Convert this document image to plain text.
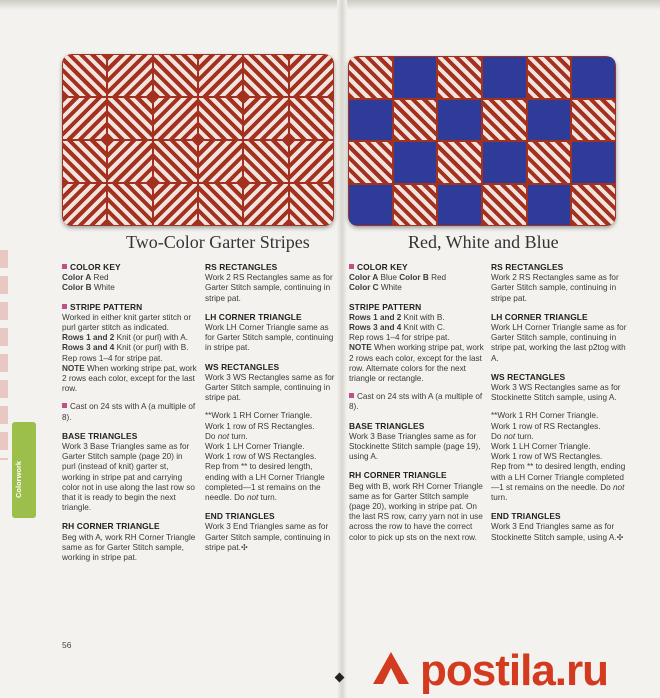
Two-Color Garter Stripes	Red, White and Blue

COLOR KEY
Color A Red
Color B White

STRIPE PATTERN
Worked in either knit garter stitch or purl garter stitch as indicated.
Rows 1 and 2 Knit (or purl) with A.
Rows 3 and 4 Knit (or purl) with B.
Rep rows 1–4 for stripe pat.
NOTE When working stripe pat, work 2 rows each color, except for the last row.

Cast on 24 sts with A (a multiple of 8).

BASE TRIANGLES
Work 3 Base Triangles same as for Garter Stitch sample (page 20) in purl (instead of knit) garter st, working in stripe pat and carrying color not in use along the last row so that it is ready to begin the next triangle.

RH CORNER TRIANGLE
Beg with A, work RH Corner Triangle same as for Garter Stitch sample, working in stripe pat.

RS RECTANGLES
Work 2 RS Rectangles same as for Garter Stitch sample, continuing in stripe pat.

LH CORNER TRIANGLE
Work LH Corner Triangle same as for Garter Stitch sample, continuing in stripe pat.

WS RECTANGLES
Work 3 WS Rectangles same as for Garter Stitch sample, continuing in stripe pat.

**Work 1 RH Corner Triangle.
Work 1 row of RS Rectangles.
Do not turn.
Work 1 LH Corner Triangle.
Work 1 row of WS Rectangles.
Rep from ** to desired length, ending with a LH Corner Triangle completed—1 st remains on the needle. Do not turn.

END TRIANGLES
Work 3 End Triangles same as for Garter Stitch sample, continuing in stripe pat.✣

COLOR KEY
Color A Blue Color B Red
Color C White

STRIPE PATTERN
Rows 1 and 2 Knit with B.
Rows 3 and 4 Knit with C.
Rep rows 1–4 for stripe pat.
NOTE When working stripe pat, work 2 rows each color, except for the last row. Alternate colors for the next triangle or rectangle.

Cast on 24 sts with A (a multiple of 8).

BASE TRIANGLES
Work 3 Base Triangles same as for Stockinette Stitch sample (page 19), using A.

RH CORNER TRIANGLE
Beg with B, work RH Corner Triangle same as for Garter Stitch sample (page 20), working in stripe pat. On the last RS row, carry yarn not in use across the row to have the correct color to pick up sts on the next row.

RS RECTANGLES
Work 2 RS Rectangles same as for Garter Stitch sample, continuing in stripe pat.

LH CORNER TRIANGLE
Work LH Corner Triangle same as for Garter Stitch sample, continuing in stripe pat, working the last p2tog with A.

WS RECTANGLES
Work 3 WS Rectangles same as for Stockinette Stitch sample, using A.

**Work 1 RH Corner Triangle.
Work 1 row of RS Rectangles.
Do not turn.
Work 1 LH Corner Triangle.
Work 1 row of WS Rectangles.
Rep from ** to desired length, ending with a LH Corner Triangle completed—1 st remains on the needle. Do not turn.

END TRIANGLES
Work 3 End Triangles same as for Stockinette Stitch sample, using A.✣

Colorwork
56
postila.ru
